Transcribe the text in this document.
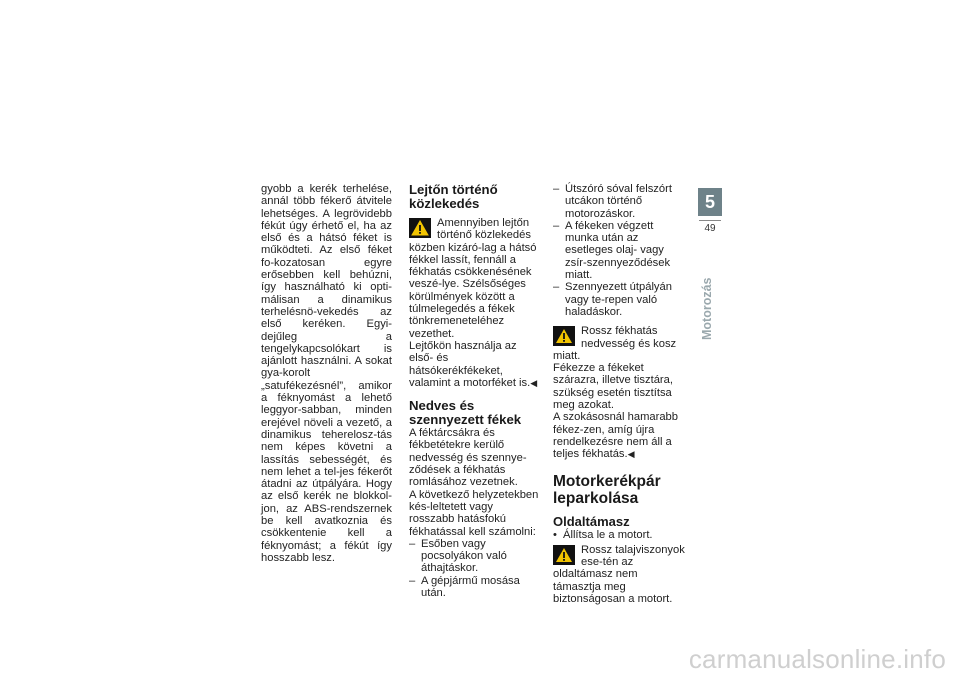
gyobb a kerék terhelése, annál több fékerő átvitele lehetséges. A legrövidebb fékút úgy érhető el, ha az első és a hátsó féket is működteti. Az első féket fo-kozatosan egyre erősebben kell behúzni, így használható ki opti-málisan a dinamikus terhelésnö-vekedés az első keréken. Egyi-dejűleg a tengelykapcsolókart is ajánlott használni. A sokat gya-korolt „satufékezésnél”, amikor a féknyomást a lehető leggyor-sabban, minden erejével növeli a vezető, a dinamikus teherelosz-tás nem képes követni a lassítás sebességét, és nem lehet a tel-jes fékerőt átadni az útpályára. Hogy az első kerék ne blokkol-jon, az ABS-rendszernek be kell avatkoznia és csökkentenie kell a féknyomást; a fékút így hosszabb lesz.

Lejtőn történő közlekedés

Amennyiben lejtőn történő közlekedés közben kizáró-lag a hátsó fékkel lassít, fennáll a fékhatás csökkenésének veszé-lye. Szélsőséges körülmények között a túlmelegedés a fékek tönkremeneteléhez vezethet.

Lejtőkön használja az első- és hátsókerékfékeket, valamint a motorféket is.◀

Nedves és szennyezett fékek

A féktárcsákra és fékbetétekre kerülő nedvesség és szennye-ződések a fékhatás romlásához vezetnek.

A következő helyzetekben kés-leltetett vagy rosszabb hatásfokú fékhatással kell számolni:

– Esőben vagy pocsolyákon való áthajtáskor.

– A gépjármű mosása után.

– Útszóró sóval felszórt utcákon történő motorozáskor.

– A fékeken végzett munka után az esetleges olaj- vagy zsír-szennyeződések miatt.

– Szennyezett útpályán vagy te-repen való haladáskor.

Rossz fékhatás nedvesség és kosz miatt.

Fékezze a fékeket szárazra, illetve tisztára, szükség esetén tisztítsa meg azokat.

A szokásosnál hamarabb fékez-zen, amíg újra rendelkezésre nem áll a teljes fékhatás.◀

Motorkerékpár leparkolása
Oldaltámasz

• Állítsa le a motort.

Rossz talajviszonyok ese-tén az oldaltámasz nem támasztja meg biztonságosan a motort.

5
49
Motorozás
carmanualsonline.info
